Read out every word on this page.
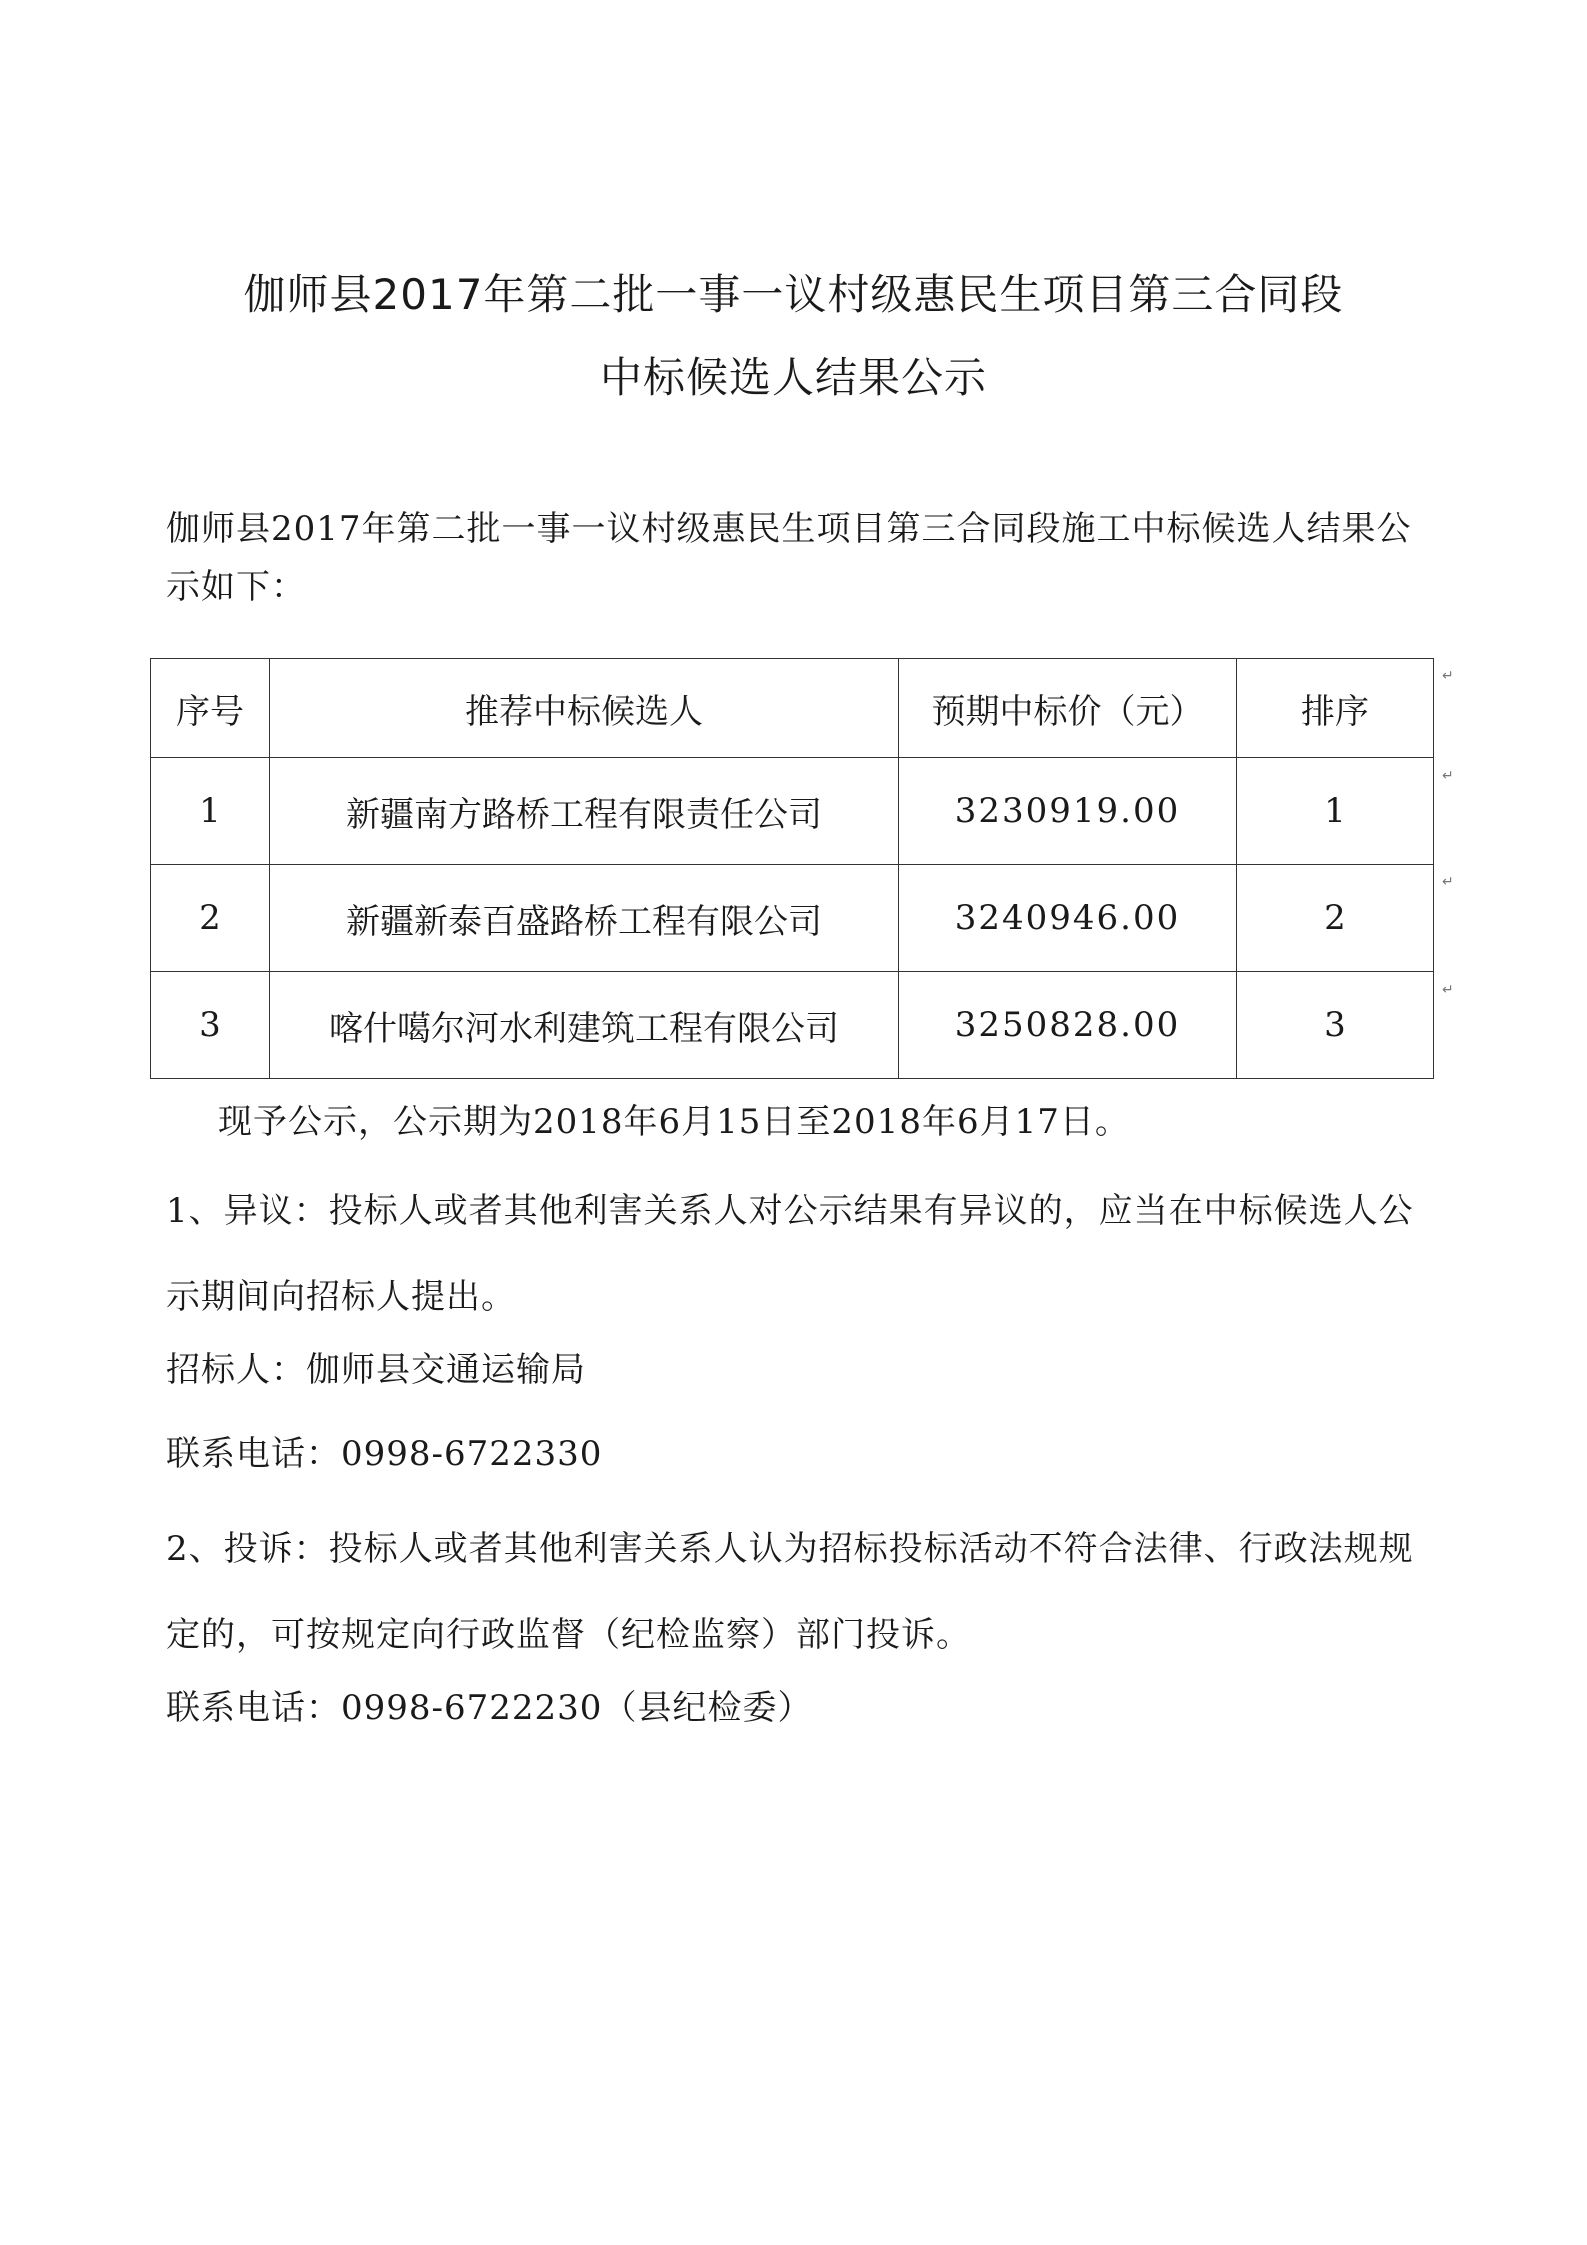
伽师县2017年第二批一事一议村级惠民生项目第三合同段
中标候选人结果公示
伽师县2017年第二批一事一议村级惠民生项目第三合同段施工中标候选人结果公示如下：
序号	推荐中标候选人	预期中标价（元）	排序
1	新疆南方路桥工程有限责任公司	3230919.00	1
2	新疆新泰百盛路桥工程有限公司	3240946.00	2
3	喀什噶尔河水利建筑工程有限公司	3250828.00	3
↵
↵
↵
↵
现予公示，公示期为2018年6月15日至2018年6月17日。
1、异议：投标人或者其他利害关系人对公示结果有异议的，应当在中标候选人公示期间向招标人提出。
招标人：伽师县交通运输局
联系电话：0998-6722330
2、投诉：投标人或者其他利害关系人认为招标投标活动不符合法律、行政法规规定的，可按规定向行政监督（纪检监察）部门投诉。
联系电话：0998-6722230（县纪检委）
